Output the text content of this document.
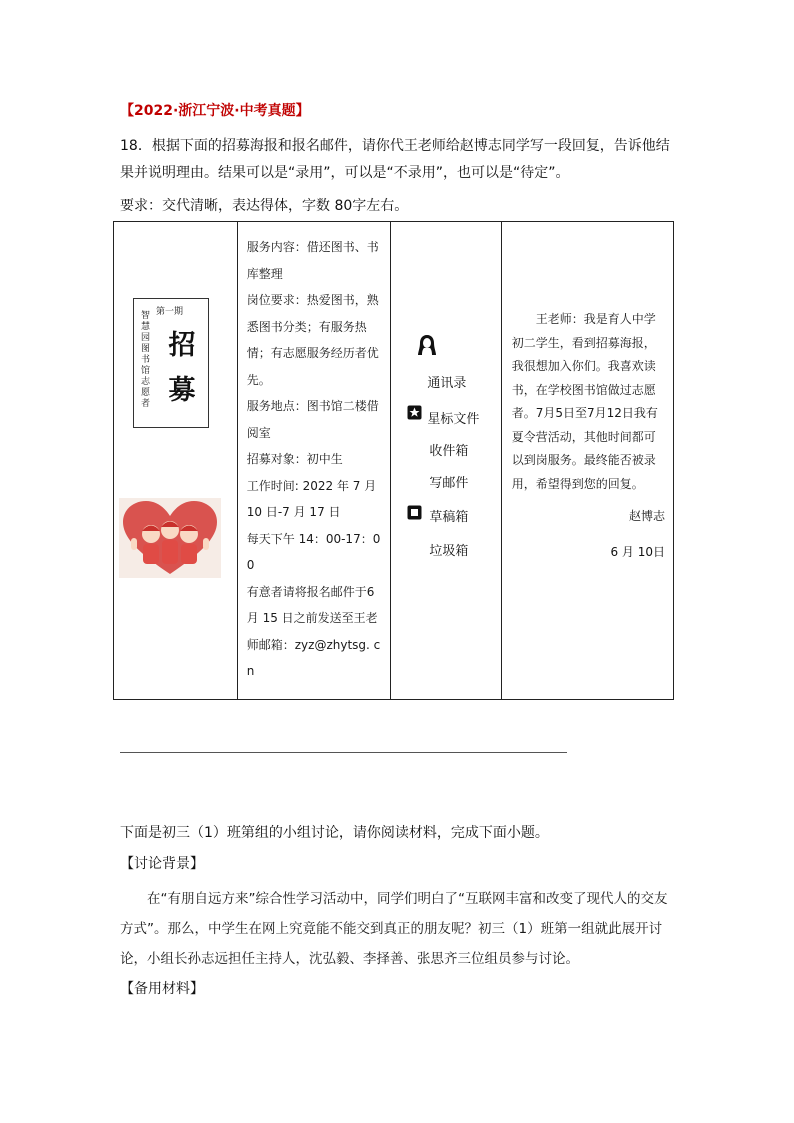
【2022·浙江宁波·中考真题】
18．根据下面的招募海报和报名邮件，请你代王老师给赵博志同学写一段回复，告诉他结果并说明理由。结果可以是“录用”，可以是“不录用”，也可以是“待定”。
要求：交代清晰，表达得体，字数 80字左右。
第一期
智慧园图书馆志愿者
招募

服务内容：借还图书、书库整理
岗位要求：热爱图书，熟悉图书分类；有服务热情；有志愿服务经历者优先。
服务地点：图书馆二楼借阅室
招募对象：初中生
工作时间: 2022 年 7 月 10 日-7 月 17 日
每天下午 14：00-17：00
有意者请将报名邮件于6 月 15 日之前发送至王老师邮箱：zyz@zhytsg. cn

通讯录
星标文件
收件箱
写邮件
草稿箱
垃圾箱

王老师：我是育人中学初二学生，看到招募海报，我很想加入你们。我喜欢读书，在学校图书馆做过志愿者。7月5日至7月12日我有夏令营活动，其他时间都可以到岗服务。最终能否被录用，希望得到您的回复。
赵博志
6 月 10日
下面是初三（1）班第组的小组讨论，请你阅读材料，完成下面小题。
【讨论背景】
在“有朋自远方来”综合性学习活动中，同学们明白了“互联网丰富和改变了现代人的交友方式”。那么，中学生在网上究竟能不能交到真正的朋友呢？初三（1）班第一组就此展开讨论，小组长孙志远担任主持人，沈弘毅、李择善、张思齐三位组员参与讨论。
【备用材料】
